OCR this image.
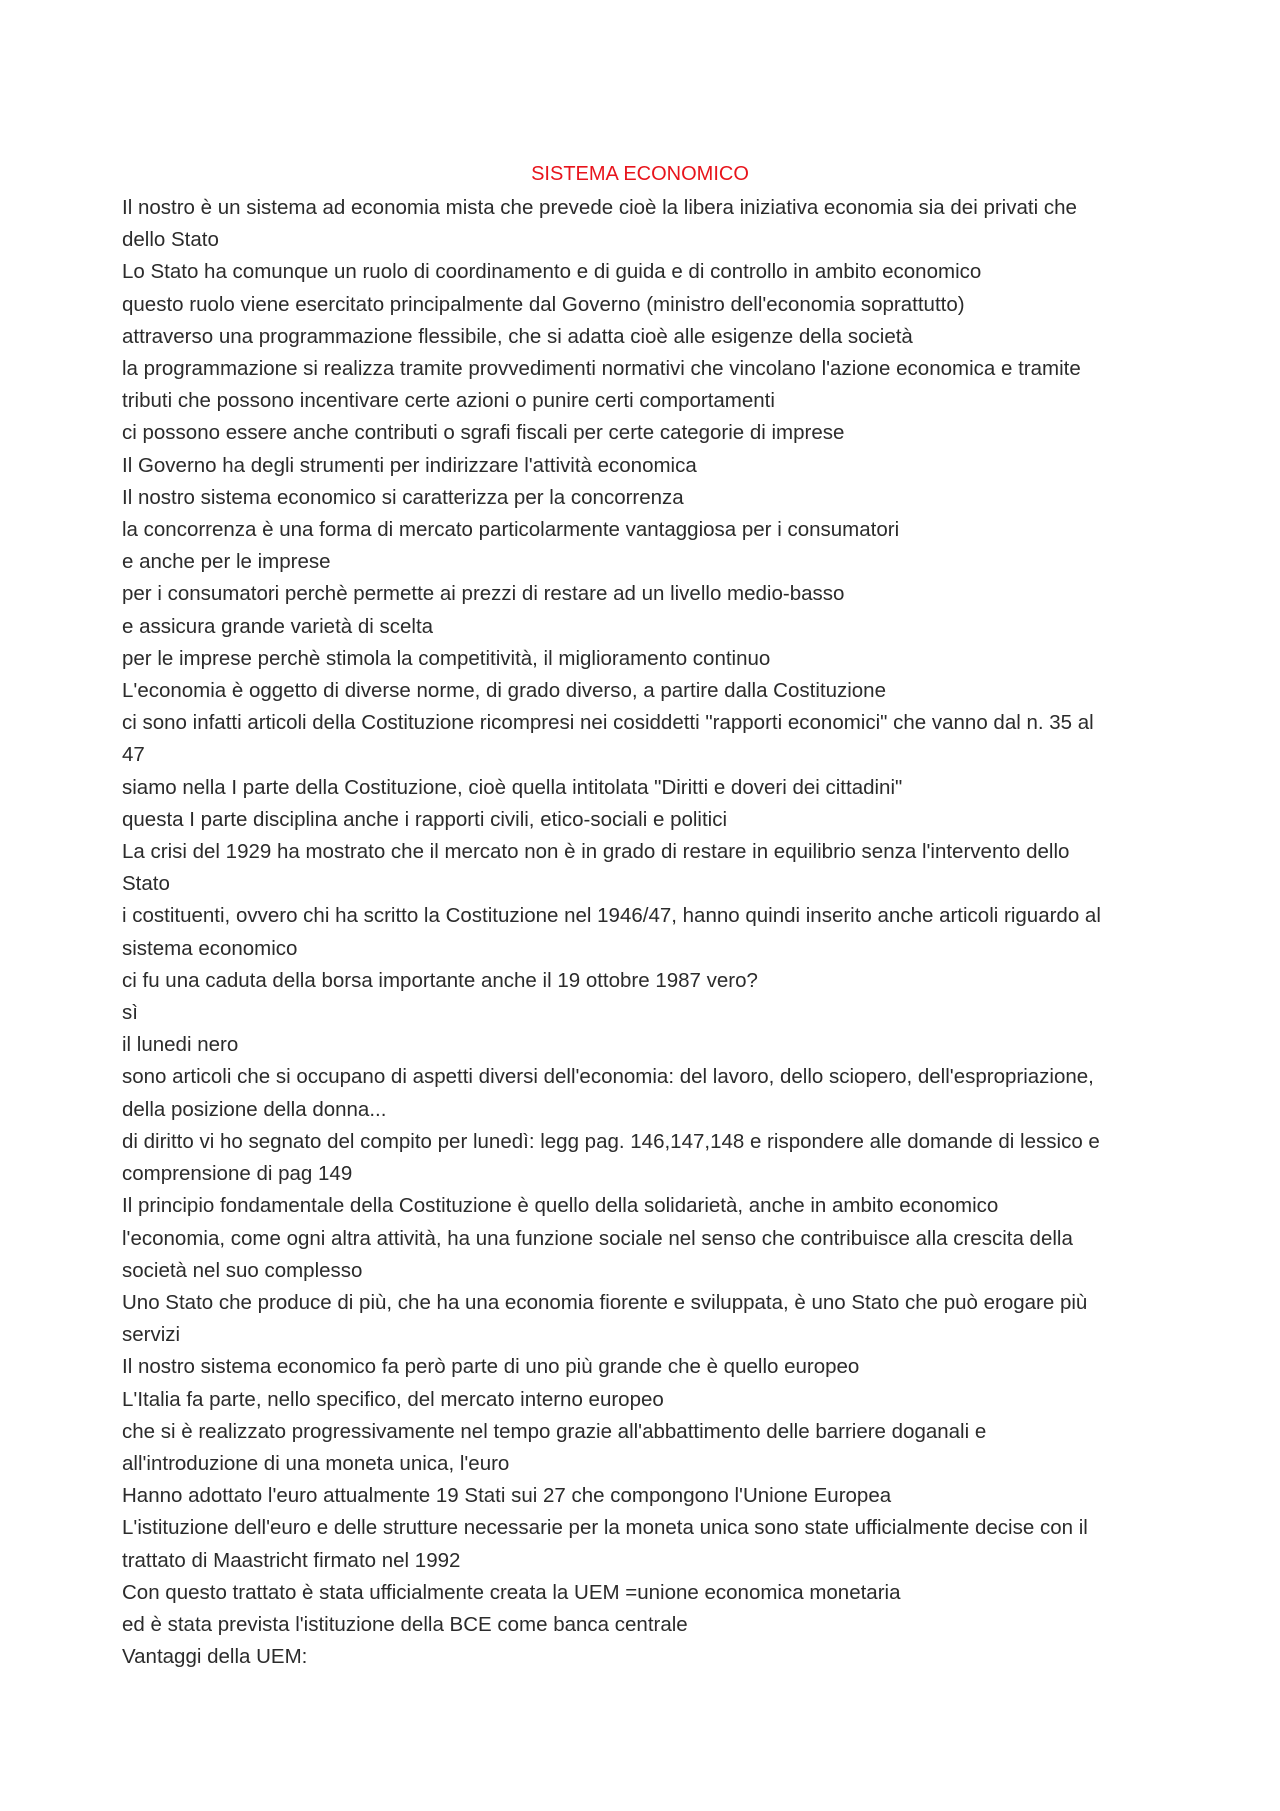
SISTEMA ECONOMICO

Il nostro è un sistema ad economia mista che prevede cioè la libera iniziativa economia sia dei privati che

dello Stato

Lo Stato ha comunque un ruolo di coordinamento e di guida e di controllo in ambito economico

questo ruolo viene esercitato principalmente dal Governo (ministro dell'economia soprattutto)

attraverso una programmazione flessibile, che si adatta cioè alle esigenze della società

la programmazione si realizza tramite provvedimenti normativi che vincolano l'azione economica e tramite

tributi che possono incentivare certe azioni o punire certi comportamenti

ci possono essere anche contributi o sgrafi fiscali per certe categorie di imprese

Il Governo ha degli strumenti per indirizzare l'attività economica

Il nostro sistema economico si caratterizza per la concorrenza

la concorrenza è una forma di mercato particolarmente vantaggiosa per i consumatori

e anche per le imprese

per i consumatori perchè permette ai prezzi di restare ad un livello medio-basso

e assicura grande varietà di scelta

per le imprese perchè stimola la competitività, il miglioramento continuo

L'economia è oggetto di diverse norme, di grado diverso, a partire dalla Costituzione

ci sono infatti articoli della Costituzione ricompresi nei cosiddetti "rapporti economici" che vanno dal n. 35 al

47

siamo nella I parte della Costituzione, cioè quella intitolata "Diritti e doveri dei cittadini"

questa I parte disciplina anche i rapporti civili, etico-sociali e politici

La crisi del 1929 ha mostrato che il mercato non è in grado di restare in equilibrio senza l'intervento dello

Stato

i costituenti, ovvero chi ha scritto la Costituzione nel 1946/47, hanno quindi inserito anche articoli riguardo al

sistema economico

ci fu una caduta della borsa importante anche il 19 ottobre 1987 vero?

sì

il lunedi nero

sono articoli che si occupano di aspetti diversi dell'economia: del lavoro, dello sciopero, dell'espropriazione,

della posizione della donna...

di diritto vi ho segnato del compito per lunedì: legg pag. 146,147,148 e rispondere alle domande di lessico e

comprensione di pag 149

Il principio fondamentale della Costituzione è quello della solidarietà, anche in ambito economico

l'economia, come ogni altra attività, ha una funzione sociale nel senso che contribuisce alla crescita della

società nel suo complesso

Uno Stato che produce di più, che ha una economia fiorente e sviluppata, è uno Stato che può erogare più

servizi

Il nostro sistema economico fa però parte di uno più grande che è quello europeo

L'Italia fa parte, nello specifico, del mercato interno europeo

che si è realizzato progressivamente nel tempo grazie all'abbattimento delle barriere doganali e

all'introduzione di una moneta unica, l'euro

Hanno adottato l'euro attualmente 19 Stati sui 27 che compongono l'Unione Europea

L'istituzione dell'euro e delle strutture necessarie per la moneta unica sono state ufficialmente decise con il

trattato di Maastricht firmato nel 1992

Con questo trattato è stata ufficialmente creata la UEM =unione economica monetaria

ed è stata prevista l'istituzione della BCE come banca centrale

Vantaggi della UEM:
